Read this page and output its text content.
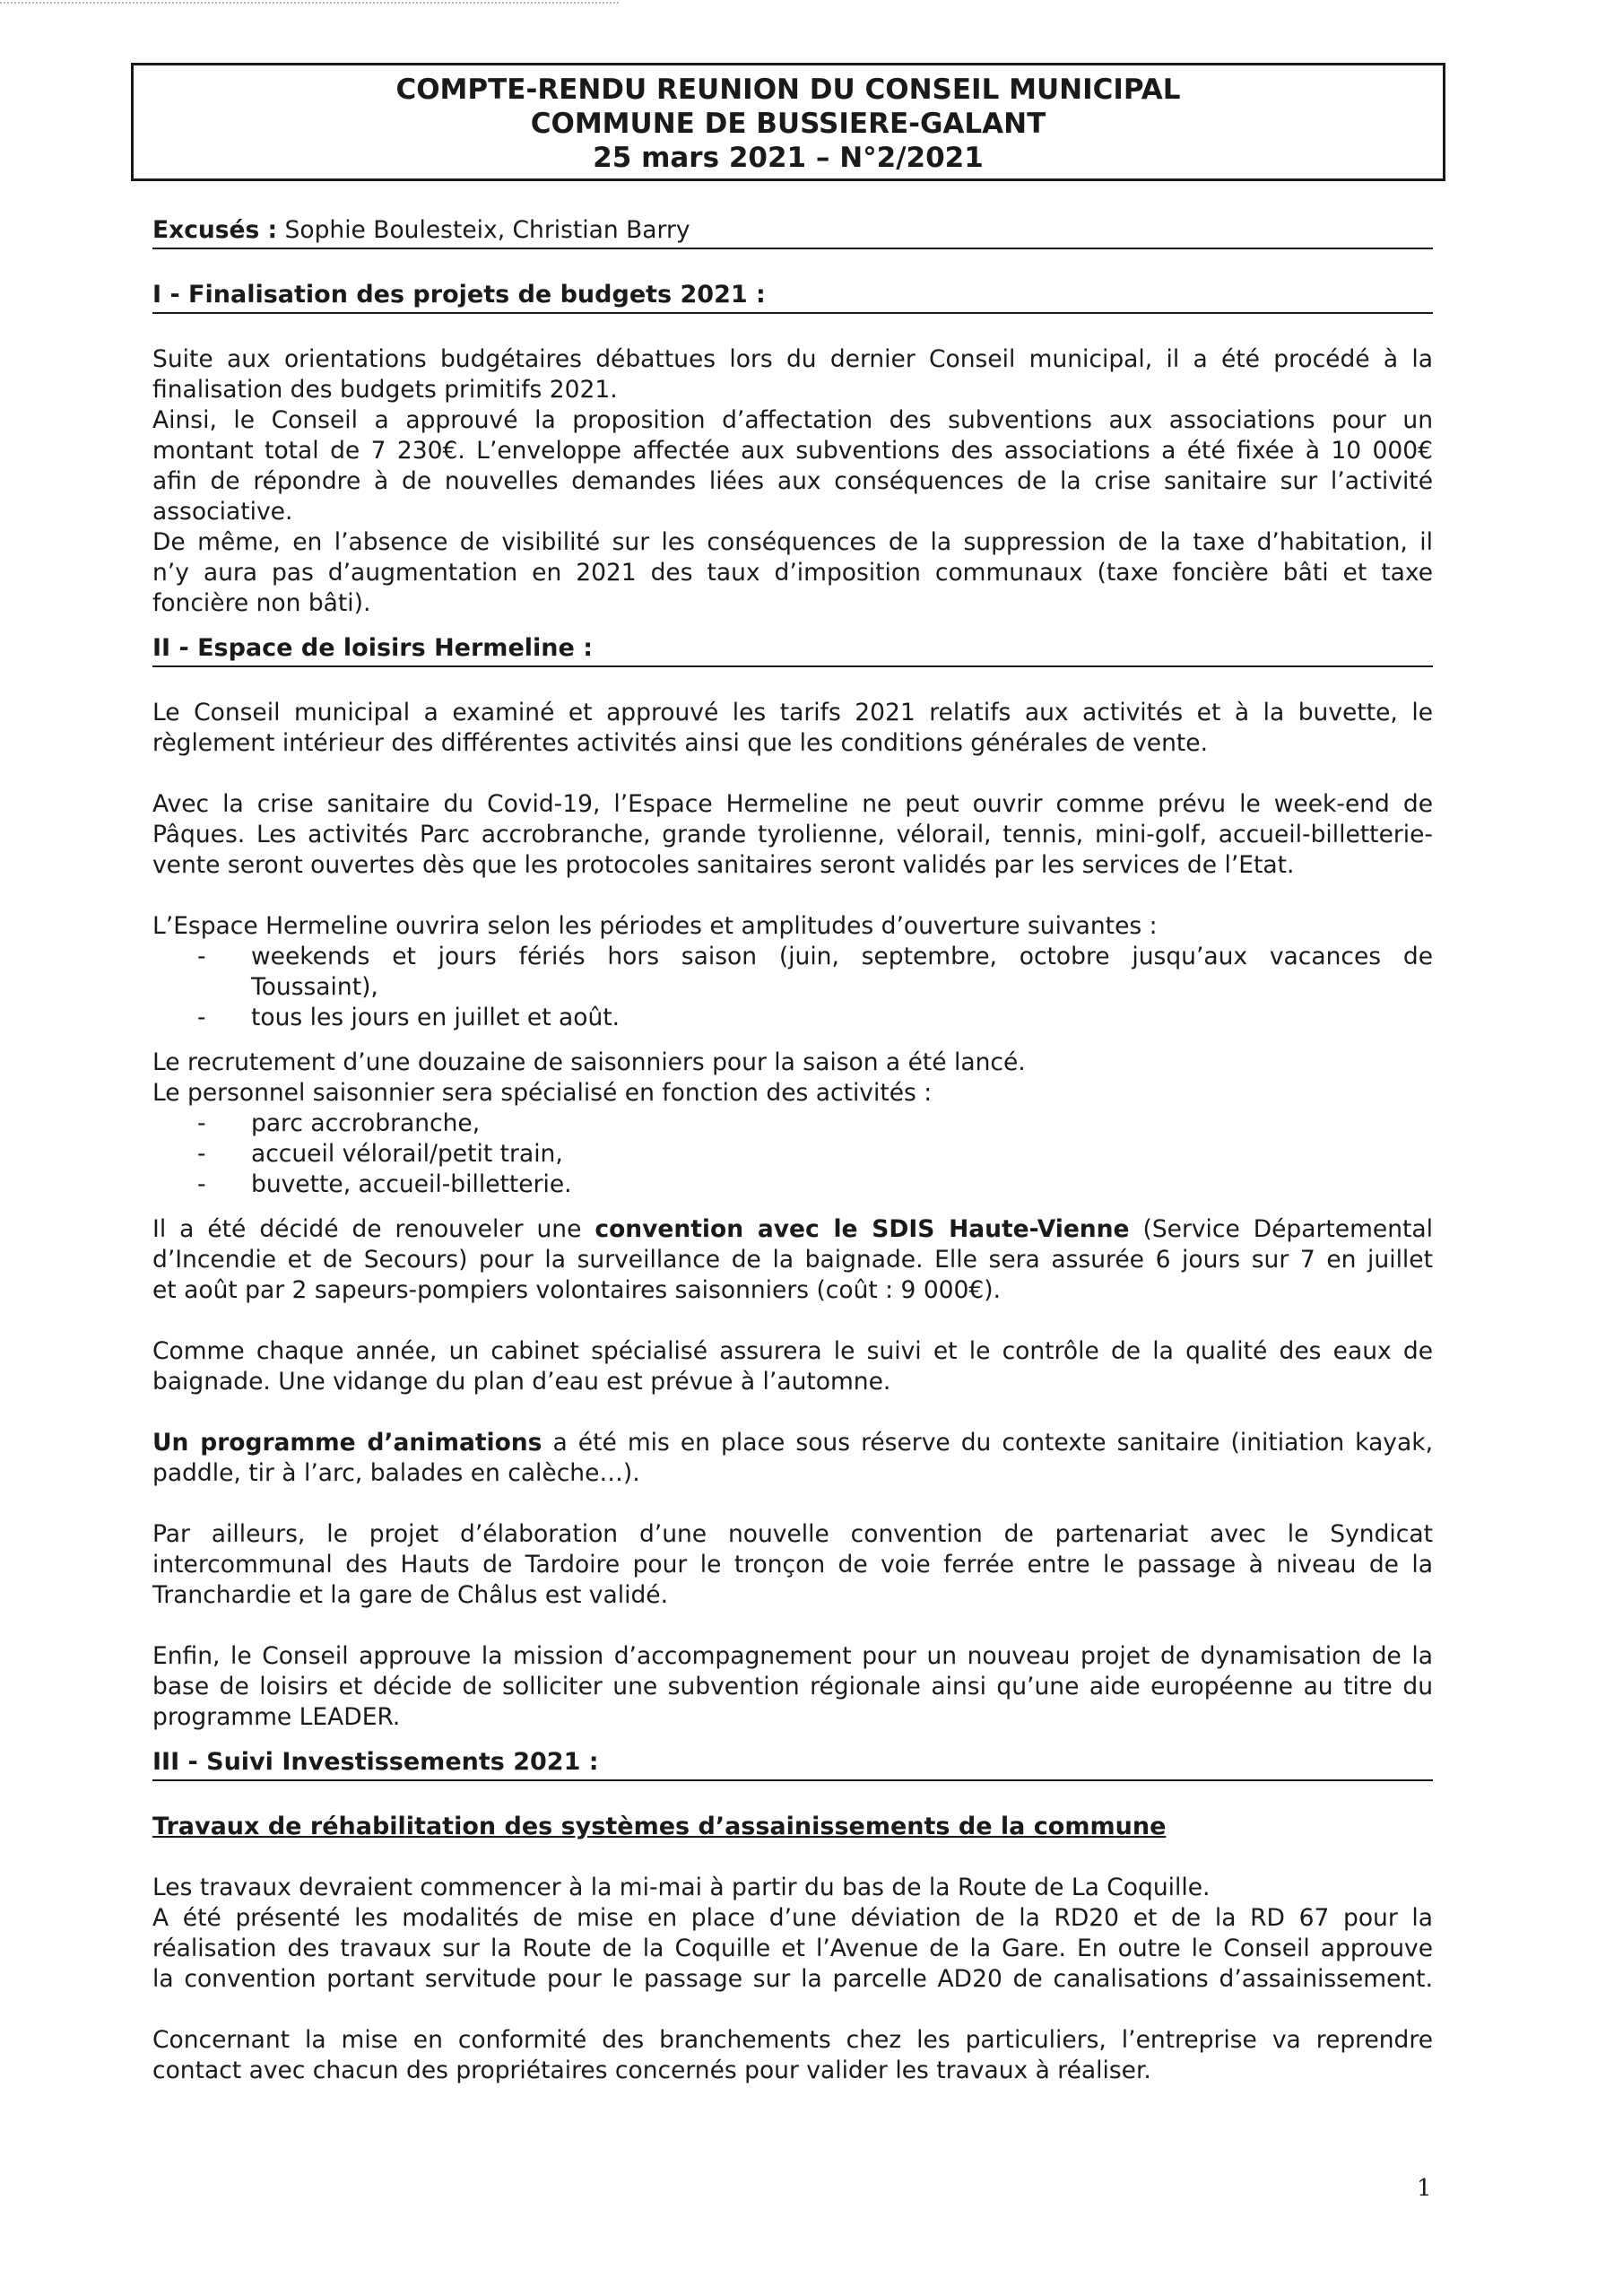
COMPTE-RENDU REUNION DU CONSEIL MUNICIPAL
COMMUNE DE BUSSIERE-GALANT
25 mars 2021 – N°2/2021
Excusés : Sophie Boulesteix, Christian Barry
I - Finalisation des projets de budgets 2021 :

Suite aux orientations budgétaires débattues lors du dernier Conseil municipal, il a été procédé à la

finalisation des budgets primitifs 2021.

Ainsi, le Conseil a approuvé la proposition d’affectation des subventions aux associations pour un

montant total de 7 230€. L’enveloppe affectée aux subventions des associations a été fixée à 10 000€

afin de répondre à de nouvelles demandes liées aux conséquences de la crise sanitaire sur l’activité

associative.

De même, en l’absence de visibilité sur les conséquences de la suppression de la taxe d’habitation, il

n’y aura pas d’augmentation en 2021 des taux d’imposition communaux (taxe foncière bâti et taxe

foncière non bâti).

II - Espace de loisirs Hermeline :

Le Conseil municipal a examiné et approuvé les tarifs 2021 relatifs aux activités et à la buvette, le

règlement intérieur des différentes activités ainsi que les conditions générales de vente.

Avec la crise sanitaire du Covid-19, l’Espace Hermeline ne peut ouvrir comme prévu le week-end de

Pâques. Les activités Parc accrobranche, grande tyrolienne, vélorail, tennis, mini-golf, accueil-billetterie-

vente seront ouvertes dès que les protocoles sanitaires seront validés par les services de l’Etat.

L’Espace Hermeline ouvrira selon les périodes et amplitudes d’ouverture suivantes :

- weekends et jours fériés hors saison (juin, septembre, octobre jusqu’aux vacances de
Toussaint),
- tous les jours en juillet et août.

Le recrutement d’une douzaine de saisonniers pour la saison a été lancé.

Le personnel saisonnier sera spécialisé en fonction des activités :

- parc accrobranche,
- accueil vélorail/petit train,
- buvette, accueil-billetterie.

Il a été décidé de renouveler une convention avec le SDIS Haute-Vienne (Service Départemental

d’Incendie et de Secours) pour la surveillance de la baignade. Elle sera assurée 6 jours sur 7 en juillet

et août par 2 sapeurs-pompiers volontaires saisonniers (coût : 9 000€).

Comme chaque année, un cabinet spécialisé assurera le suivi et le contrôle de la qualité des eaux de

baignade. Une vidange du plan d’eau est prévue à l’automne.

Un programme d’animations a été mis en place sous réserve du contexte sanitaire (initiation kayak,

paddle, tir à l’arc, balades en calèche…).

Par ailleurs, le projet d’élaboration d’une nouvelle convention de partenariat avec le Syndicat

intercommunal des Hauts de Tardoire pour le tronçon de voie ferrée entre le passage à niveau de la

Tranchardie et la gare de Châlus est validé.

Enfin, le Conseil approuve la mission d’accompagnement pour un nouveau projet de dynamisation de la

base de loisirs et décide de solliciter une subvention régionale ainsi qu’une aide européenne au titre du

programme LEADER.

III - Suivi Investissements 2021 :
Travaux de réhabilitation des systèmes d’assainissements de la commune

Les travaux devraient commencer à la mi-mai à partir du bas de la Route de La Coquille.

A été présenté les modalités de mise en place d’une déviation de la RD20 et de la RD 67 pour la

réalisation des travaux sur la Route de la Coquille et l’Avenue de la Gare. En outre le Conseil approuve

la convention portant servitude pour le passage sur la parcelle AD20 de canalisations d’assainissement.

Concernant la mise en conformité des branchements chez les particuliers, l’entreprise va reprendre

contact avec chacun des propriétaires concernés pour valider les travaux à réaliser.

1
